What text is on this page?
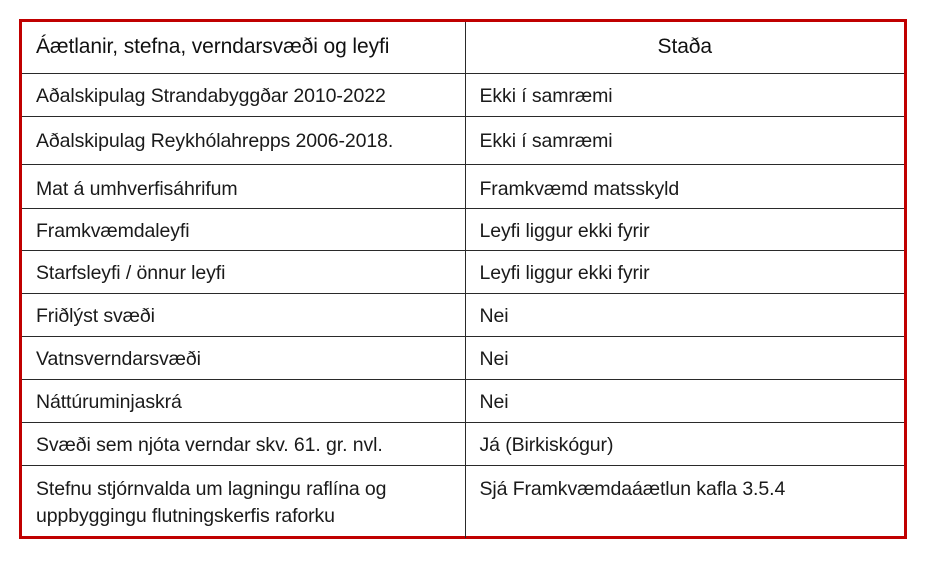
Áætlanir, stefna, verndarsvæði og leyfi	Staða

Aðalskipulag Strandabyggðar 2010-2022	Ekki í samræmi

Aðalskipulag Reykhólahrepps 2006-2018.	Ekki í samræmi

Mat á umhverfisáhrifum	Framkvæmd matsskyld

Framkvæmdaleyfi	Leyfi liggur ekki fyrir

Starfsleyfi / önnur leyfi	Leyfi liggur ekki fyrir

Friðlýst svæði	Nei

Vatnsverndarsvæði	Nei

Náttúruminjaskrá	Nei

Svæði sem njóta verndar skv. 61. gr. nvl.	Já (Birkiskógur)

Stefnu stjórnvalda um lagningu raflína og uppbyggingu flutningskerfis raforku	Sjá Framkvæmdaáætlun kafla 3.5.4
